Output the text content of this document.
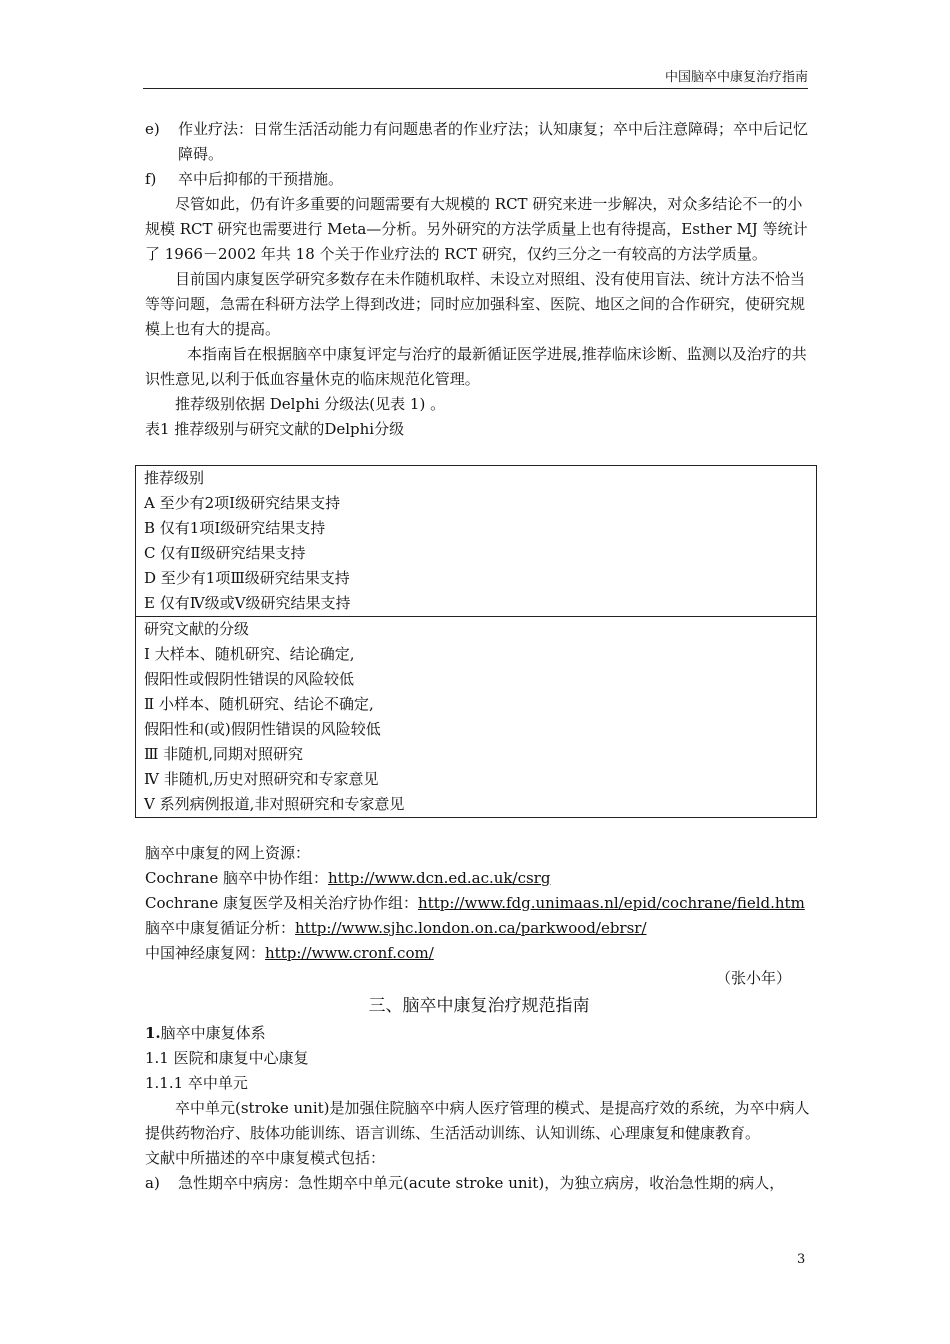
中国脑卒中康复治疗指南
e)	作业疗法：日常生活活动能力有问题患者的作业疗法；认知康复；卒中后注意障碍；卒中后记忆障碍。
f)	卒中后抑郁的干预措施。

尽管如此，仍有许多重要的问题需要有大规模的 RCT 研究来进一步解决，对众多结论不一的小规模 RCT 研究也需要进行 Meta—分析。另外研究的方法学质量上也有待提高，Esther MJ 等统计了 1966－2002 年共 18 个关于作业疗法的 RCT 研究，仅约三分之一有较高的方法学质量。

目前国内康复医学研究多数存在未作随机取样、未设立对照组、没有使用盲法、统计方法不恰当等等问题，急需在科研方法学上得到改进；同时应加强科室、医院、地区之间的合作研究，使研究规模上也有大的提高。

本指南旨在根据脑卒中康复评定与治疗的最新循证医学进展,推荐临床诊断、监测以及治疗的共识性意见,以利于低血容量休克的临床规范化管理。

推荐级别依据 Delphi 分级法(见表 1) 。

表1 推荐级别与研究文献的Delphi分级

推荐级别
A 至少有2项Ⅰ级研究结果支持
B 仅有1项Ⅰ级研究结果支持
C 仅有Ⅱ级研究结果支持
D 至少有1项Ⅲ级研究结果支持
E 仅有Ⅳ级或Ⅴ级研究结果支持
研究文献的分级
Ⅰ 大样本、随机研究、结论确定,
假阳性或假阴性错误的风险较低
Ⅱ 小样本、随机研究、结论不确定,
假阳性和(或)假阴性错误的风险较低
Ⅲ 非随机,同期对照研究
Ⅳ 非随机,历史对照研究和专家意见
Ⅴ 系列病例报道,非对照研究和专家意见

脑卒中康复的网上资源：

Cochrane 脑卒中协作组：http://www.dcn.ed.ac.uk/csrg

Cochrane 康复医学及相关治疗协作组：http://www.fdg.unimaas.nl/epid/cochrane/field.htm

脑卒中康复循证分析：http://www.sjhc.london.on.ca/parkwood/ebrsr/

中国神经康复网：http://www.cronf.com/

（张小年）

三、脑卒中康复治疗规范指南

1.脑卒中康复体系

1.1 医院和康复中心康复

1.1.1 卒中单元

卒中单元(stroke unit)是加强住院脑卒中病人医疗管理的模式、是提高疗效的系统，为卒中病人提供药物治疗、肢体功能训练、语言训练、生活活动训练、认知训练、心理康复和健康教育。

文献中所描述的卒中康复模式包括：

a)	急性期卒中病房：急性期卒中单元(acute stroke unit)，为独立病房，收治急性期的病人，
3
